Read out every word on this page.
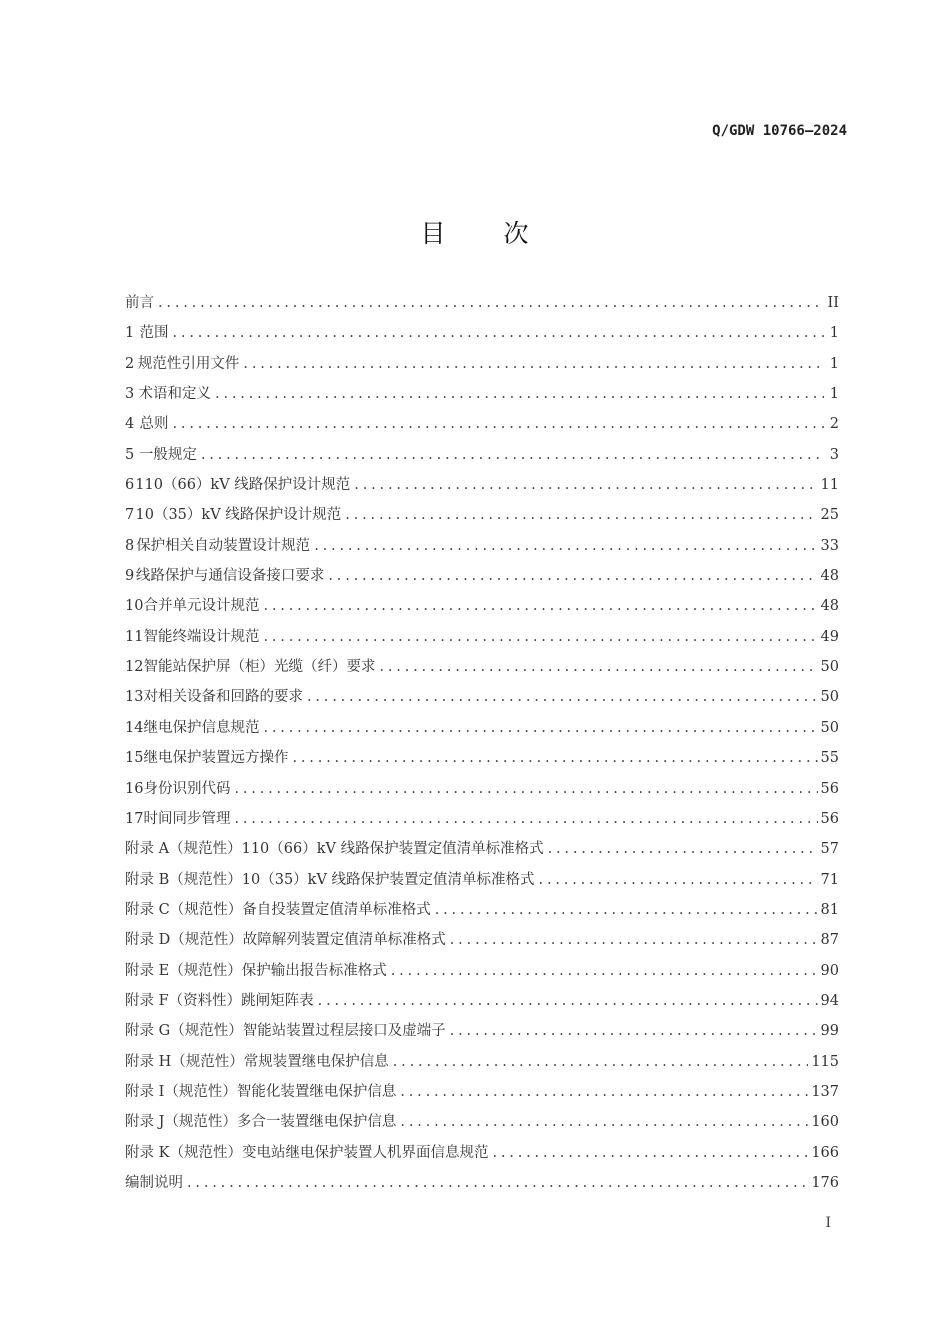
Q/GDW 10766—2024
目 次
前言 . . .	II
1 范围 . . .	1
2 规范性引用文件 . . .	1
3 术语和定义 . . .	1
4 总则 . . .	2
5 一般规定 . . .	3
6 110（66）kV 线路保护设计规范 . . .	11
7 10（35）kV 线路保护设计规范 . . .	25
8 保护相关自动装置设计规范 . . .	33
9 线路保护与通信设备接口要求 . . .	48
10 合并单元设计规范 . . .	48
11 智能终端设计规范 . . .	49
12 智能站保护屏（柜）光缆（纤）要求 . . .	50
13 对相关设备和回路的要求 . . .	50
14 继电保护信息规范 . . .	50
15 继电保护装置远方操作 . . .	55
16 身份识别代码 . . .	56
17 时间同步管理 . . .	56
附录 A（规范性） 110（66）kV 线路保护装置定值清单标准格式 . . .	57
附录 B（规范性） 10（35）kV 线路保护装置定值清单标准格式 . . .	71
附录 C（规范性） 备自投装置定值清单标准格式 . . .	81
附录 D（规范性） 故障解列装置定值清单标准格式 . . .	87
附录 E（规范性） 保护输出报告标准格式 . . .	90
附录 F（资料性） 跳闸矩阵表 . . .	94
附录 G（规范性） 智能站装置过程层接口及虚端子 . . .	99
附录 H（规范性） 常规装置继电保护信息 . . .	115
附录 I（规范性） 智能化装置继电保护信息 . . .	137
附录 J（规范性） 多合一装置继电保护信息 . . .	160
附录 K（规范性） 变电站继电保护装置人机界面信息规范 . . .	166
编制说明 . . .	176
I
